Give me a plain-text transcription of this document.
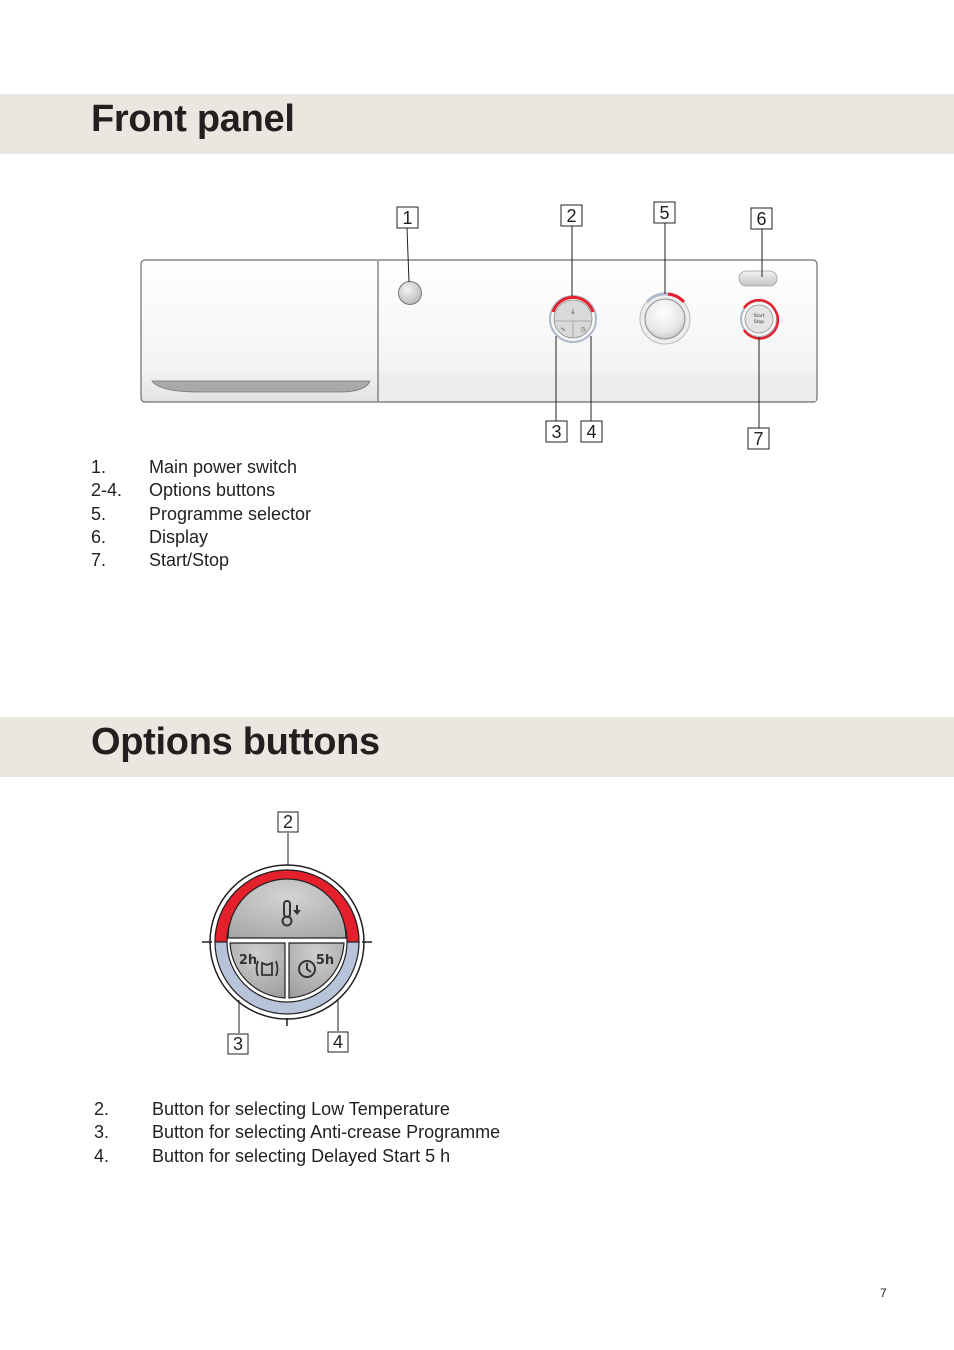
Front panel
↓
∿ ◷
Start
Stop
1	2	5	6
3 4	7
1. Main power switch
2-4. Options buttons
5. Programme selector
6. Display
7. Start/Stop
Options buttons
2h	5h
2
3	4
2. Button for selecting Low Temperature
3. Button for selecting Anti-crease Programme
4. Button for selecting Delayed Start 5 h
7
